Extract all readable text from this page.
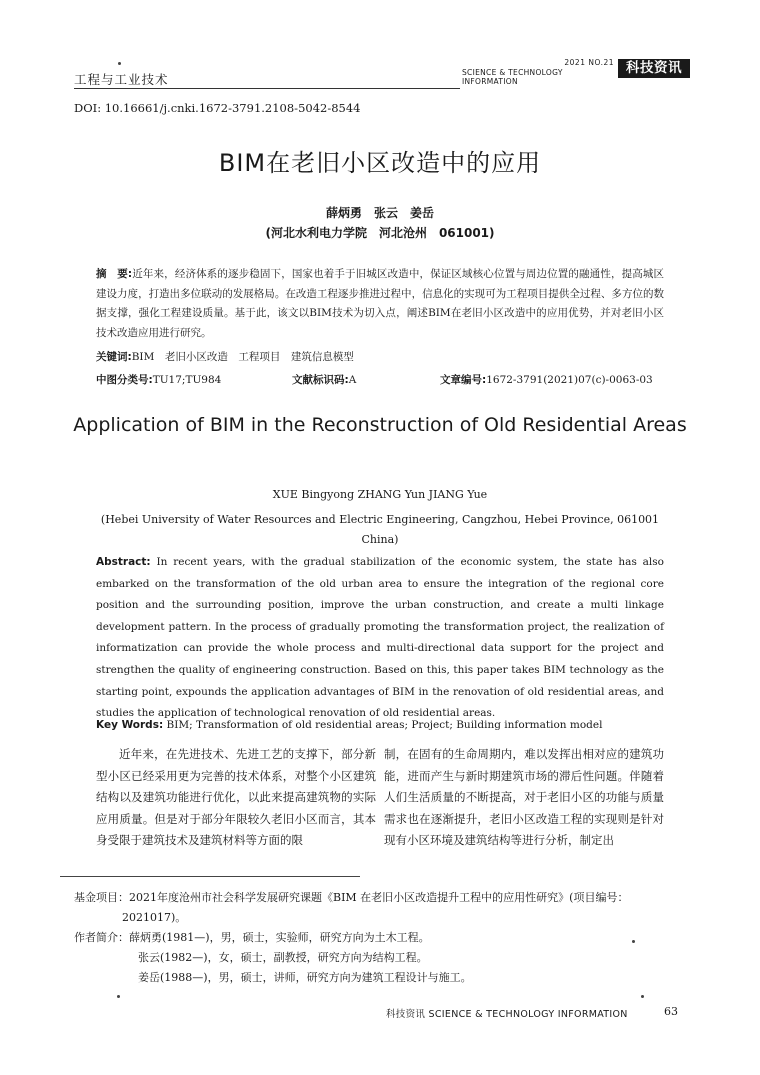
工程与工业技术
2021 NO.21
SCIENCE & TECHNOLOGY INFORMATION
科技资讯
DOI: 10.16661/j.cnki.1672-3791.2108-5042-8544
BIM在老旧小区改造中的应用
薛炳勇　张云　姜岳
(河北水利电力学院　河北沧州　061001)
摘　要:近年来，经济体系的逐步稳固下，国家也着手于旧城区改造中，保证区域核心位置与周边位置的融通性，提高城区建设力度，打造出多位联动的发展格局。在改造工程逐步推进过程中，信息化的实现可为工程项目提供全过程、多方位的数据支撑，强化工程建设质量。基于此，该文以BIM技术为切入点，阐述BIM在老旧小区改造中的应用优势，并对老旧小区技术改造应用进行研究。
关键词:BIM　老旧小区改造　工程项目　建筑信息模型
中图分类号:TU17;TU984	文献标识码:A	文章编号:1672-3791(2021)07(c)-0063-03
Application of BIM in the Reconstruction of Old Residential Areas
XUE Bingyong ZHANG Yun JIANG Yue
(Hebei University of Water Resources and Electric Engineering, Cangzhou, Hebei Province, 061001 China)
Abstract: In recent years, with the gradual stabilization of the economic system, the state has also embarked on the transformation of the old urban area to ensure the integration of the regional core position and the surrounding position, improve the urban construction, and create a multi linkage development pattern. In the process of gradually promoting the transformation project, the realization of informatization can provide the whole process and multi-directional data support for the project and strengthen the quality of engineering construction. Based on this, this paper takes BIM technology as the starting point, expounds the application advantages of BIM in the renovation of old residential areas, and studies the application of technological renovation of old residential areas.
Key Words: BIM; Transformation of old residential areas; Project; Building information model
近年来，在先进技术、先进工艺的支撑下，部分新型小区已经采用更为完善的技术体系，对整个小区建筑结构以及建筑功能进行优化，以此来提高建筑物的实际应用质量。但是对于部分年限较久老旧小区而言，其本身受限于建筑技术及建筑材料等方面的限
制，在固有的生命周期内，难以发挥出相对应的建筑功能，进而产生与新时期建筑市场的滞后性问题。伴随着人们生活质量的不断提高，对于老旧小区的功能与质量需求也在逐渐提升，老旧小区改造工程的实现则是针对现有小区环境及建筑结构等进行分析，制定出
基金项目：2021年度沧州市社会科学发展研究课题《BIM 在老旧小区改造提升工程中的应用性研究》(项目编号：2021017)。
作者简介：薛炳勇(1981—)，男，硕士，实验师，研究方向为土木工程。
张云(1982—)，女，硕士，副教授，研究方向为结构工程。
姜岳(1988—)，男，硕士，讲师，研究方向为建筑工程设计与施工。
科技资讯 SCIENCE & TECHNOLOGY INFORMATION	63
